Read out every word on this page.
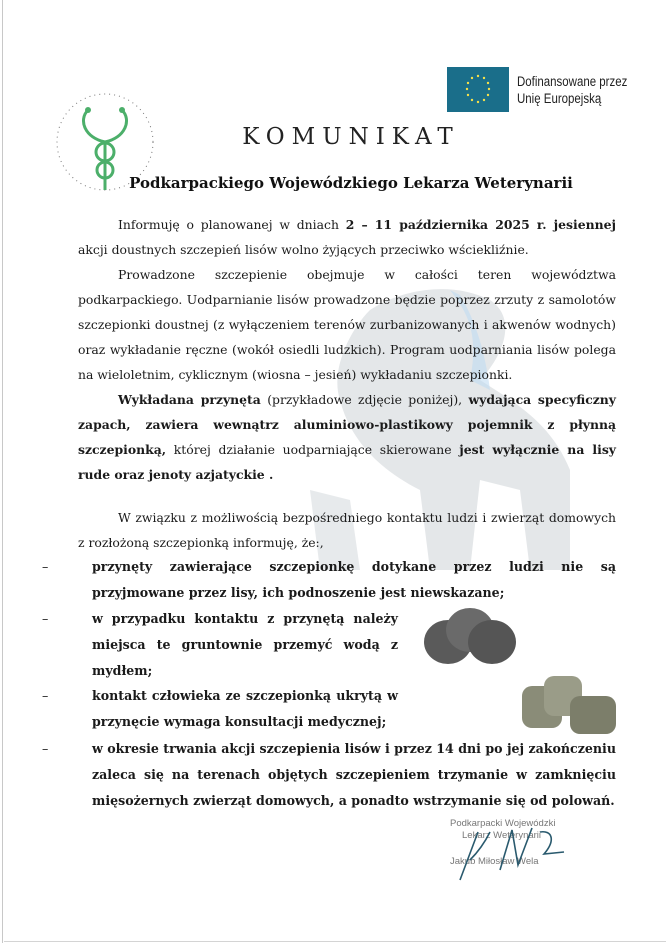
Dofinansowane przez
Unię Europejską
KOMUNIKAT
Podkarpackiego Wojewódzkiego Lekarza Weterynarii

Informuję o planowanej w dniach 2 – 11 października 2025 r. jesiennej akcji doustnych szczepień lisów wolno żyjących przeciwko wściekliźnie.

Prowadzone szczepienie obejmuje w całości teren województwa podkarpackiego. Uodparnianie lisów prowadzone będzie poprzez zrzuty z samolotów szczepionki doustnej (z wyłączeniem terenów zurbanizowanych i akwenów wodnych) oraz wykładanie ręczne (wokół osiedli ludzkich). Program uodparniania lisów polega na wieloletnim, cyklicznym (wiosna – jesień) wykładaniu szczepionki.

Wykładana przynęta (przykładowe zdjęcie poniżej), wydająca specyficzny zapach, zawiera wewnątrz aluminiowo-plastikowy pojemnik z płynną szczepionką, której działanie uodparniające skierowane jest wyłącznie na lisy rude oraz jenoty azjatyckie .

W związku z możliwością bezpośredniego kontaktu ludzi i zwierząt domowych z rozłożoną szczepionką informuję, że:,

–	przynęty zawierające szczepionkę dotykane przez ludzi nie są przyjmowane przez lisy, ich podnoszenie jest niewskazane;
–	w przypadku kontaktu z przynętą należy miejsca te gruntownie przemyć wodą z mydłem;
–	kontakt człowieka ze szczepionką ukrytą w przynęcie wymaga konsultacji medycznej;
–	w okresie trwania akcji szczepienia lisów i przez 14 dni po jej zakończeniu zaleca się na terenach objętych szczepieniem trzymanie w zamknięciu mięsożernych zwierząt domowych, a ponadto wstrzymanie się od polowań.
Podkarpacki Wojewódzki
Lekarz Weterynarii
Jakub Miłosław Wela
